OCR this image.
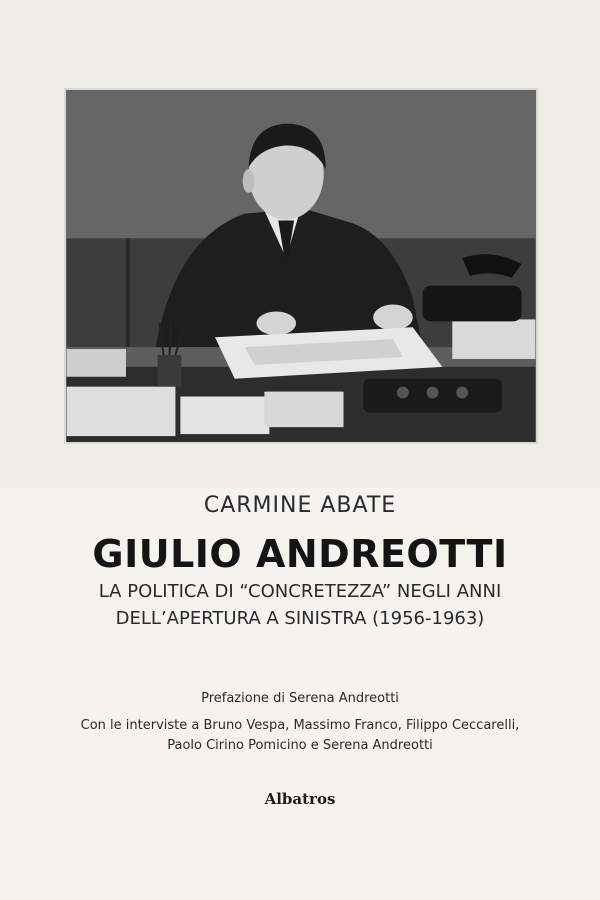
CARMINE ABATE
GIULIO ANDREOTTI
LA POLITICA DI “CONCRETEZZA” NEGLI ANNI
DELL’APERTURA A SINISTRA (1956-1963)
Prefazione di Serena Andreotti
Con le interviste a Bruno Vespa, Massimo Franco, Filippo Ceccarelli,
Paolo Cirino Pomicino e Serena Andreotti
Albatros
